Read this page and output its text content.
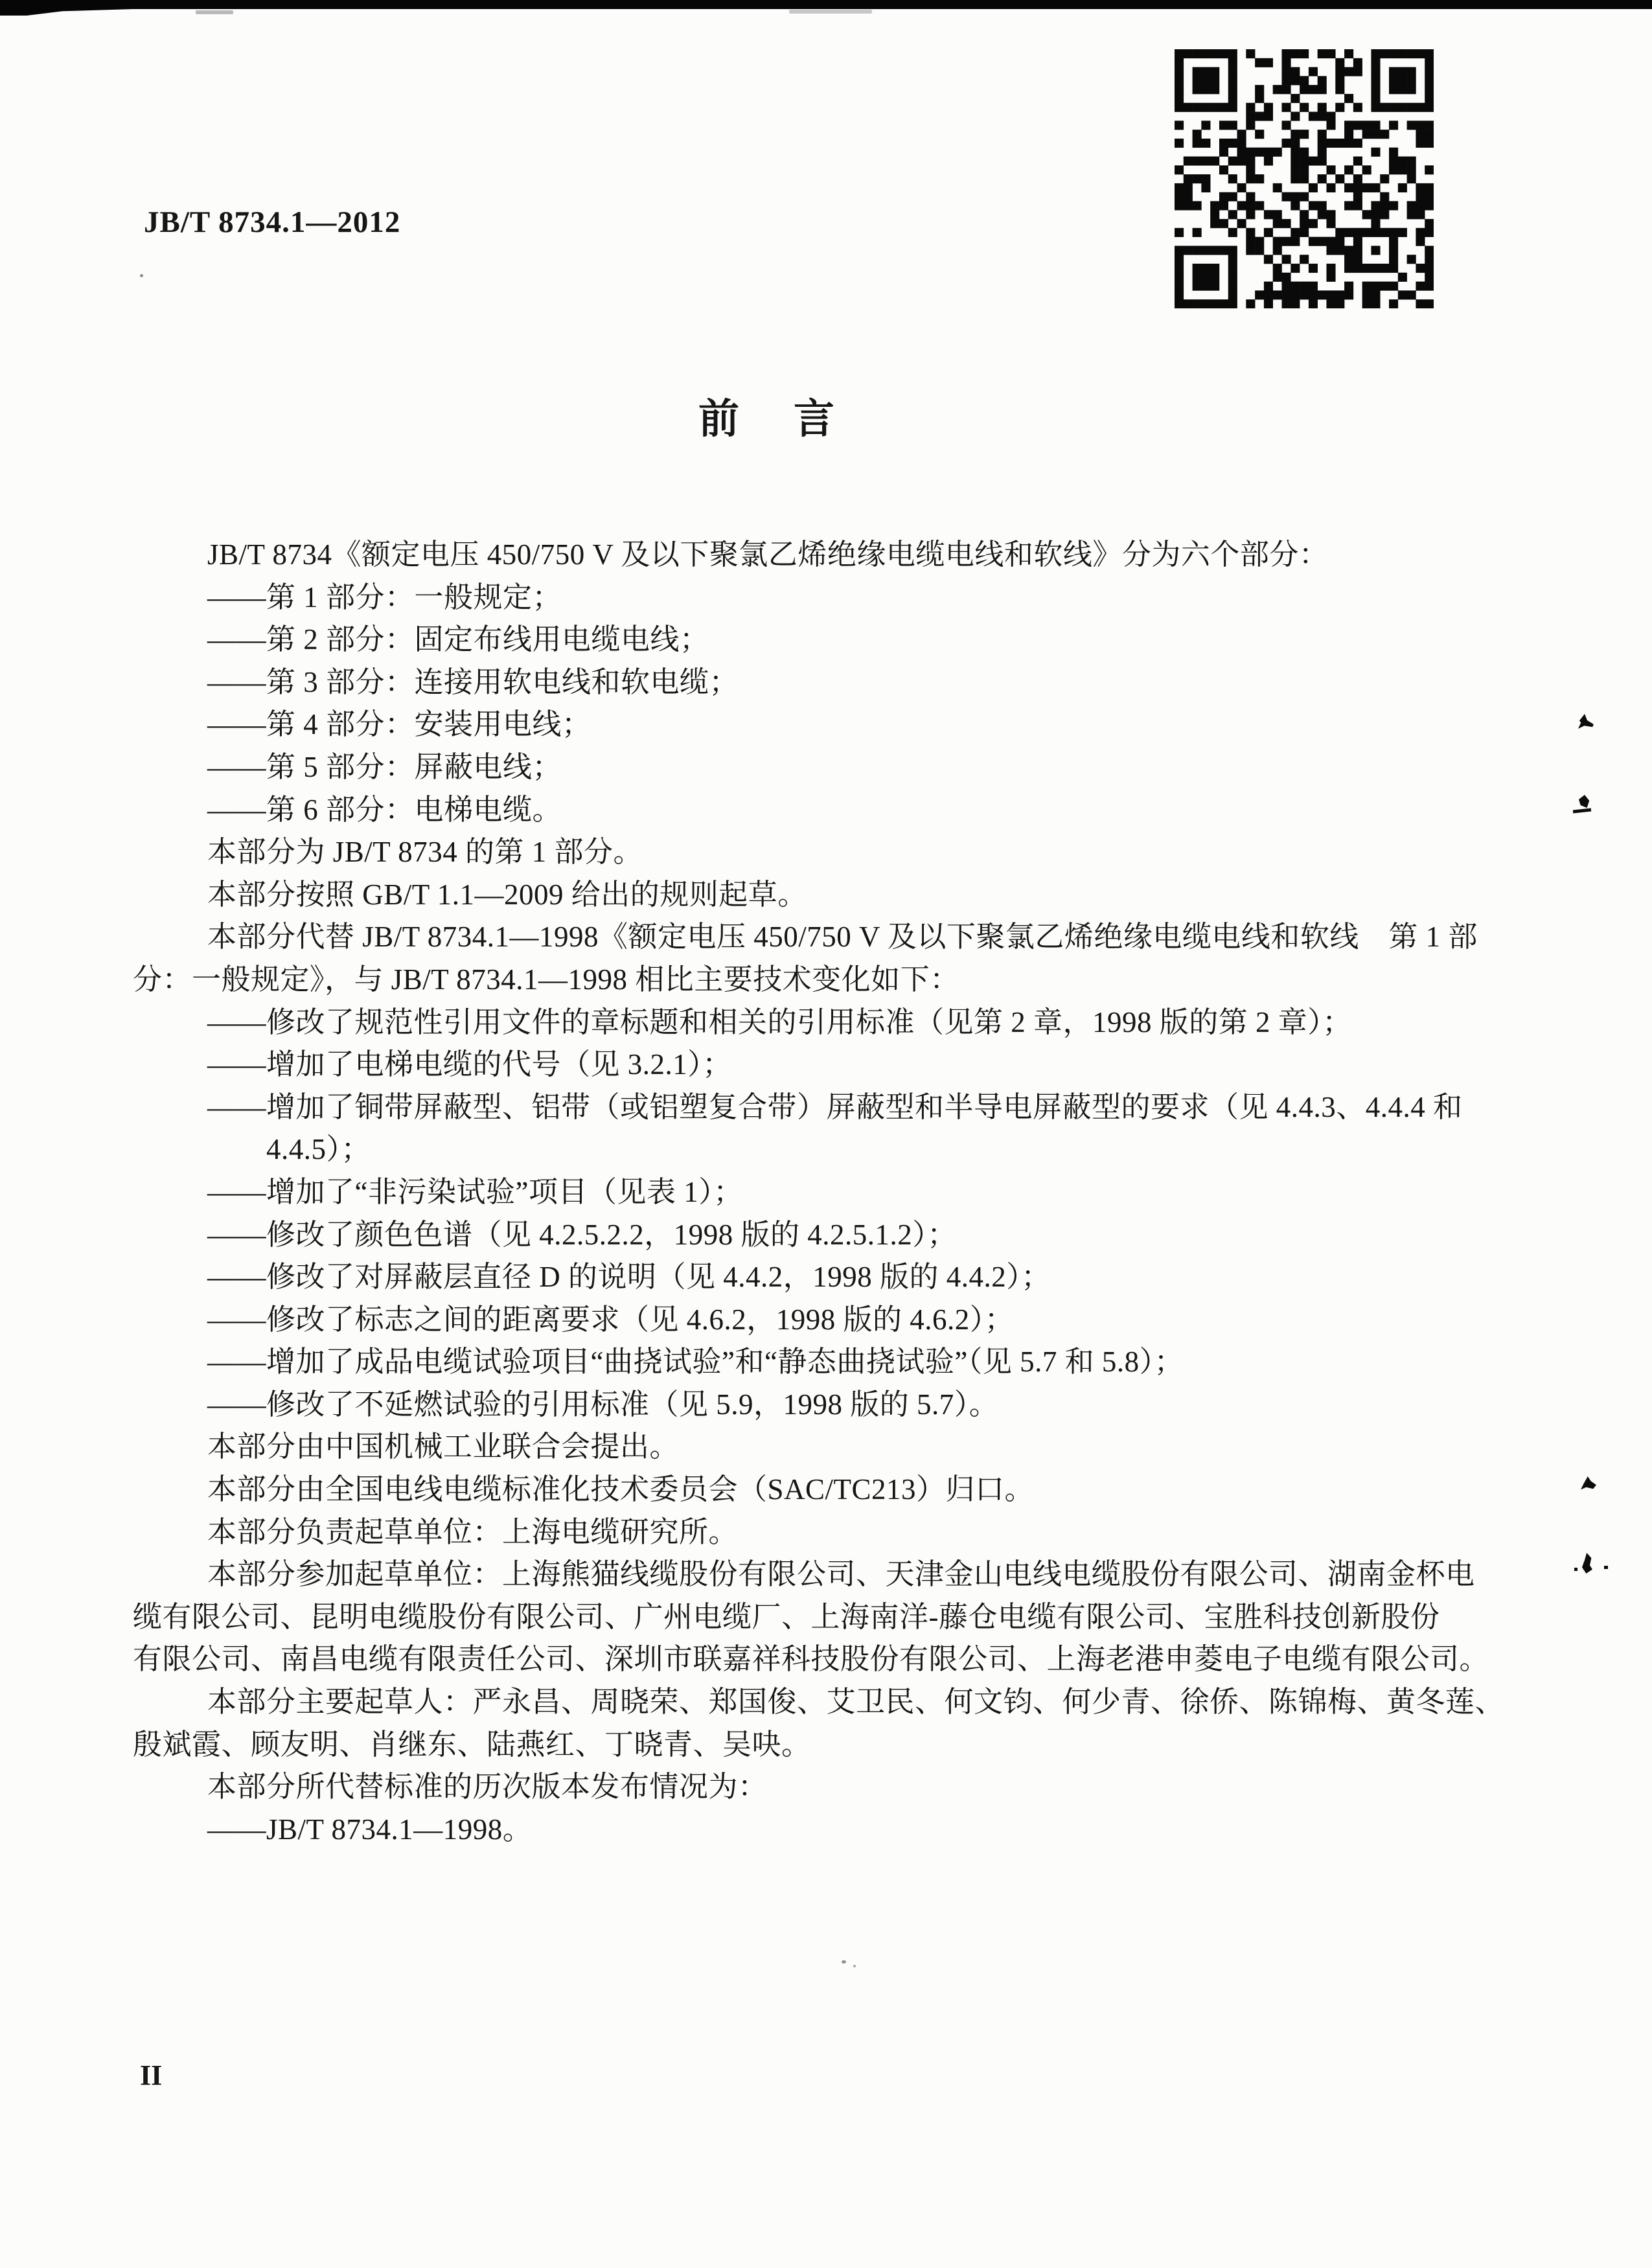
JB/T 8734.1—2012
前言
JB/T 8734《额定电压 450/750 V 及以下聚氯乙烯绝缘电缆电线和软线》分为六个部分：
——第 1 部分：一般规定；
——第 2 部分：固定布线用电缆电线；
——第 3 部分：连接用软电线和软电缆；
——第 4 部分：安装用电线；
——第 5 部分：屏蔽电线；
——第 6 部分：电梯电缆。
本部分为 JB/T 8734 的第 1 部分。
本部分按照 GB/T 1.1—2009 给出的规则起草。
本部分代替 JB/T 8734.1—1998《额定电压 450/750 V 及以下聚氯乙烯绝缘电缆电线和软线　第 1 部
分：一般规定》，与 JB/T 8734.1—1998 相比主要技术变化如下：
——修改了规范性引用文件的章标题和相关的引用标准（见第 2 章，1998 版的第 2 章）；
——增加了电梯电缆的代号（见 3.2.1）；
——增加了铜带屏蔽型、铝带（或铝塑复合带）屏蔽型和半导电屏蔽型的要求（见 4.4.3、4.4.4 和
4.4.5）；
——增加了“非污染试验”项目（见表 1）；
——修改了颜色色谱（见 4.2.5.2.2，1998 版的 4.2.5.1.2）；
——修改了对屏蔽层直径 D 的说明（见 4.4.2，1998 版的 4.4.2）；
——修改了标志之间的距离要求（见 4.6.2，1998 版的 4.6.2）；
——增加了成品电缆试验项目“曲挠试验”和“静态曲挠试验”（见 5.7 和 5.8）；
——修改了不延燃试验的引用标准（见 5.9，1998 版的 5.7）。
本部分由中国机械工业联合会提出。
本部分由全国电线电缆标准化技术委员会（SAC/TC213）归口。
本部分负责起草单位：上海电缆研究所。
本部分参加起草单位：上海熊猫线缆股份有限公司、天津金山电线电缆股份有限公司、湖南金杯电
缆有限公司、昆明电缆股份有限公司、广州电缆厂、上海南洋-藤仓电缆有限公司、宝胜科技创新股份
有限公司、南昌电缆有限责任公司、深圳市联嘉祥科技股份有限公司、上海老港申菱电子电缆有限公司。
本部分主要起草人：严永昌、周晓荣、郑国俊、艾卫民、何文钧、何少青、徐侨、陈锦梅、黄冬莲、
殷斌霞、顾友明、肖继东、陆燕红、丁晓青、吴吷。
本部分所代替标准的历次版本发布情况为：
——JB/T 8734.1—1998。
II
